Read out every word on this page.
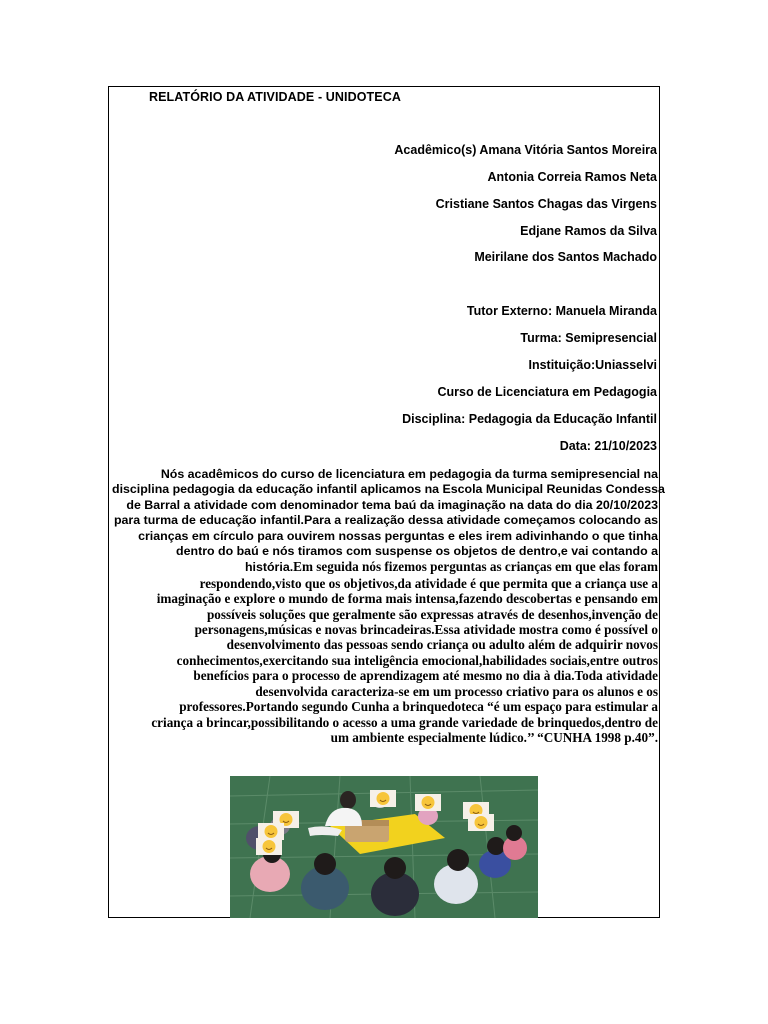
RELATÓRIO DA ATIVIDADE - UNIDOTECA
Acadêmico(s) Amana Vitória Santos Moreira
Antonia Correia Ramos Neta
Cristiane Santos Chagas das Virgens
Edjane Ramos da Silva
Meirilane dos Santos Machado
Tutor Externo: Manuela Miranda
Turma: Semipresencial
Instituição:Uniasselvi
Curso de Licenciatura em Pedagogia
Disciplina: Pedagogia da Educação Infantil
Data: 21/10/2023
Nós acadêmicos do curso de licenciatura em pedagogia da turma semipresencial na
disciplina pedagogia da educação infantil aplicamos na Escola Municipal Reunidas Condessa
de Barral a atividade com denominador tema baú da imaginação na data do dia 20/10/2023
para turma de educação infantil.Para a realização dessa atividade começamos colocando as
crianças em círculo para ouvirem nossas perguntas e eles irem adivinhando o que tinha
dentro do baú e nós tiramos com suspense os objetos de dentro,e vai contando a
história.Em seguida nós fizemos perguntas as crianças em que elas foram
respondendo,visto que os objetivos,da atividade é que permita que a criança use a
imaginação e explore o mundo de forma mais intensa,fazendo descobertas e pensando em
possíveis soluções que geralmente são expressas através de desenhos,invenção de
personagens,músicas e novas brincadeiras.Essa atividade mostra como é possível o
desenvolvimento das pessoas sendo criança ou adulto além de adquirir novos
conhecimentos,exercitando sua inteligência emocional,habilidades sociais,entre outros
benefícios para o processo de aprendizagem até mesmo no dia à dia.Toda atividade
desenvolvida caracteriza-se em um processo criativo para os alunos e os
professores.Portando segundo Cunha a brinquedoteca “é um espaço para estimular a
criança a brincar,possibilitando o acesso a uma grande variedade de brinquedos,dentro de
um ambiente especialmente lúdico.’’ “CUNHA 1998 p.40”.
